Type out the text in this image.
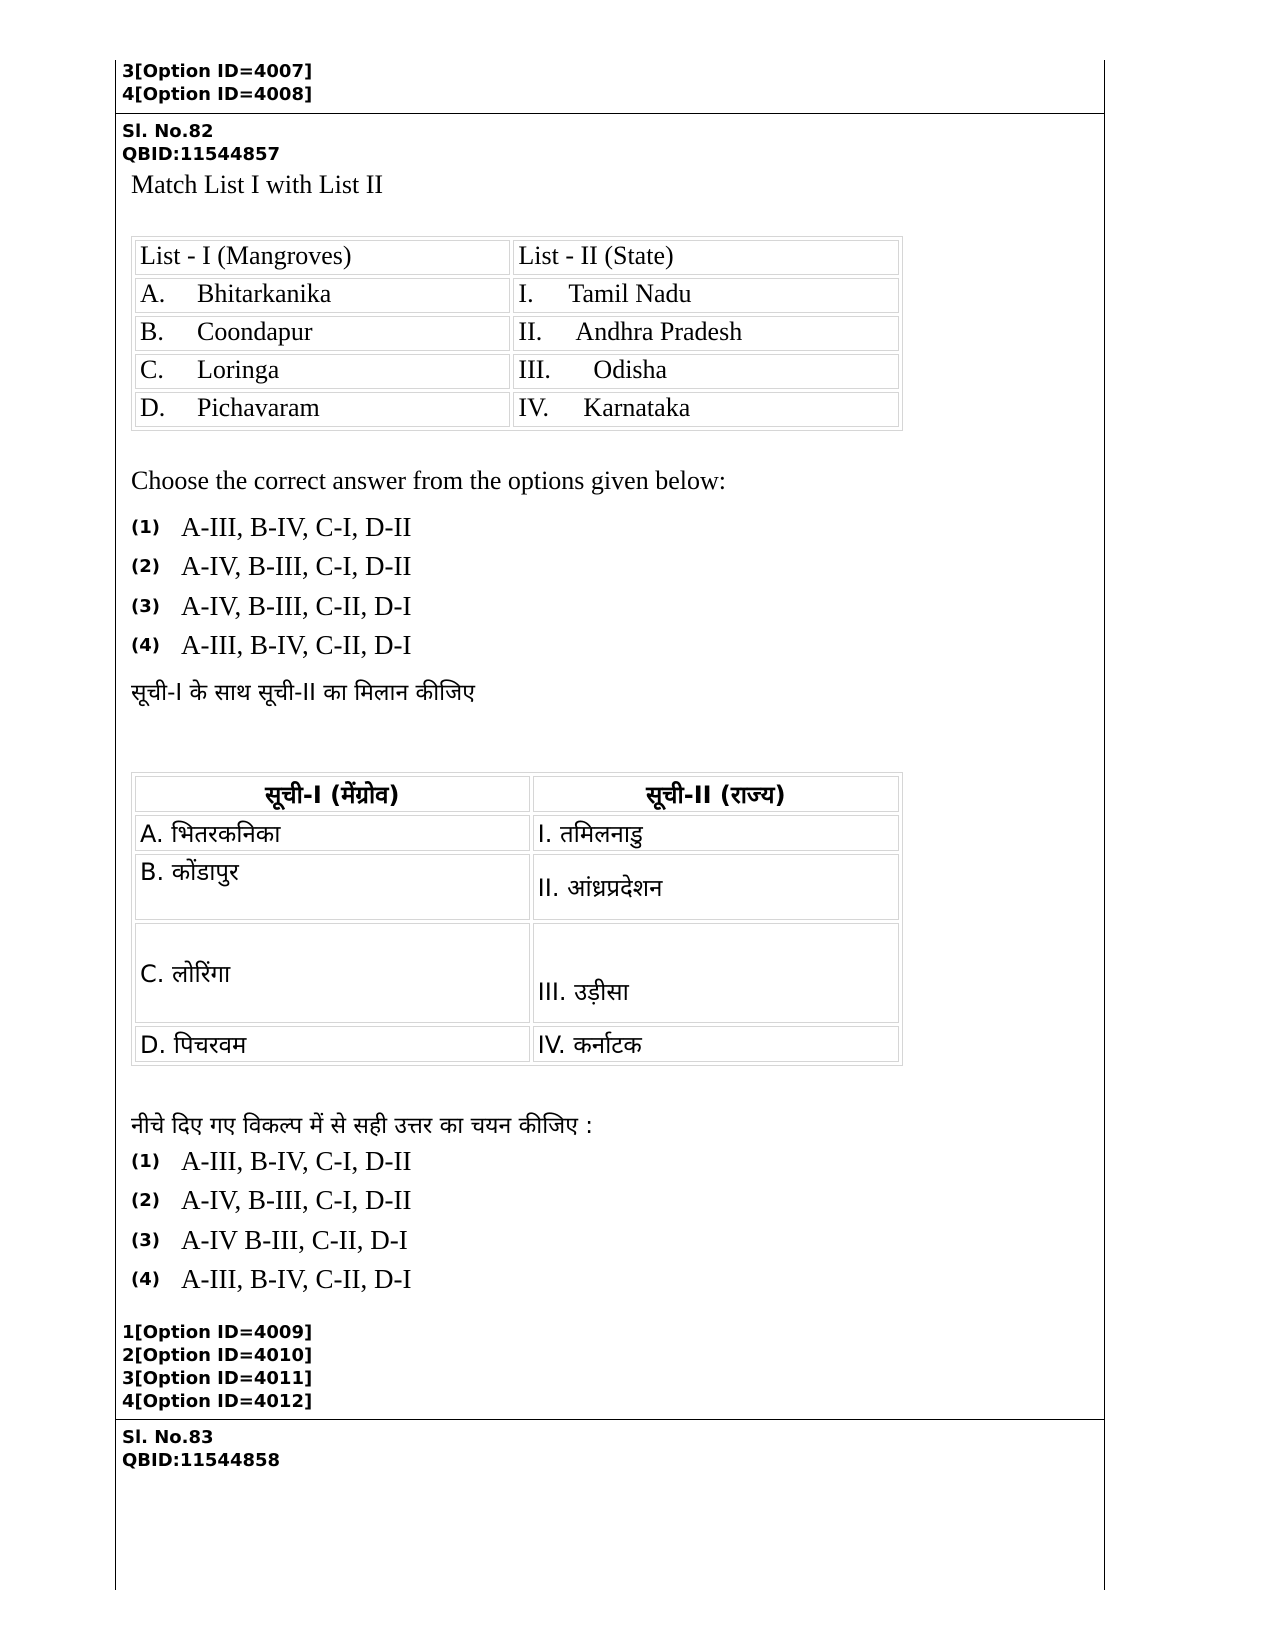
3[Option ID=4007]
4[Option ID=4008]
Sl. No.82
QBID:11544857
Match List I with List II
List - I (Mangroves)	List - II (State)
A. Bhitarkanika	I. Tamil Nadu
B. Coondapur	II. Andhra Pradesh
C. Loringa	III. Odisha
D. Pichavaram	IV. Karnataka
Choose the correct answer from the options given below:
(1) A-III, B-IV, C-I, D-II
(2) A-IV, B-III, C-I, D-II
(3) A-IV, B-III, C-II, D-I
(4) A-III, B-IV, C-II, D-I
सूची-I के साथ सूची-II का मिलान कीजिए
सूची-I (मेंग्रोव)	सूची-II (राज्य)
A. भितरकनिका	I. तमिलनाडु
B. कोंडापुर	II. आंध्रप्रदेशन
C. लोरिंगा	III. उड़ीसा
D. पिचरवम	IV. कर्नाटक
नीचे दिए गए विकल्प में से सही उत्तर का चयन कीजिए :
(1) A-III, B-IV, C-I, D-II
(2) A-IV, B-III, C-I, D-II
(3) A-IV B-III, C-II, D-I
(4) A-III, B-IV, C-II, D-I
1[Option ID=4009]
2[Option ID=4010]
3[Option ID=4011]
4[Option ID=4012]
Sl. No.83
QBID:11544858
